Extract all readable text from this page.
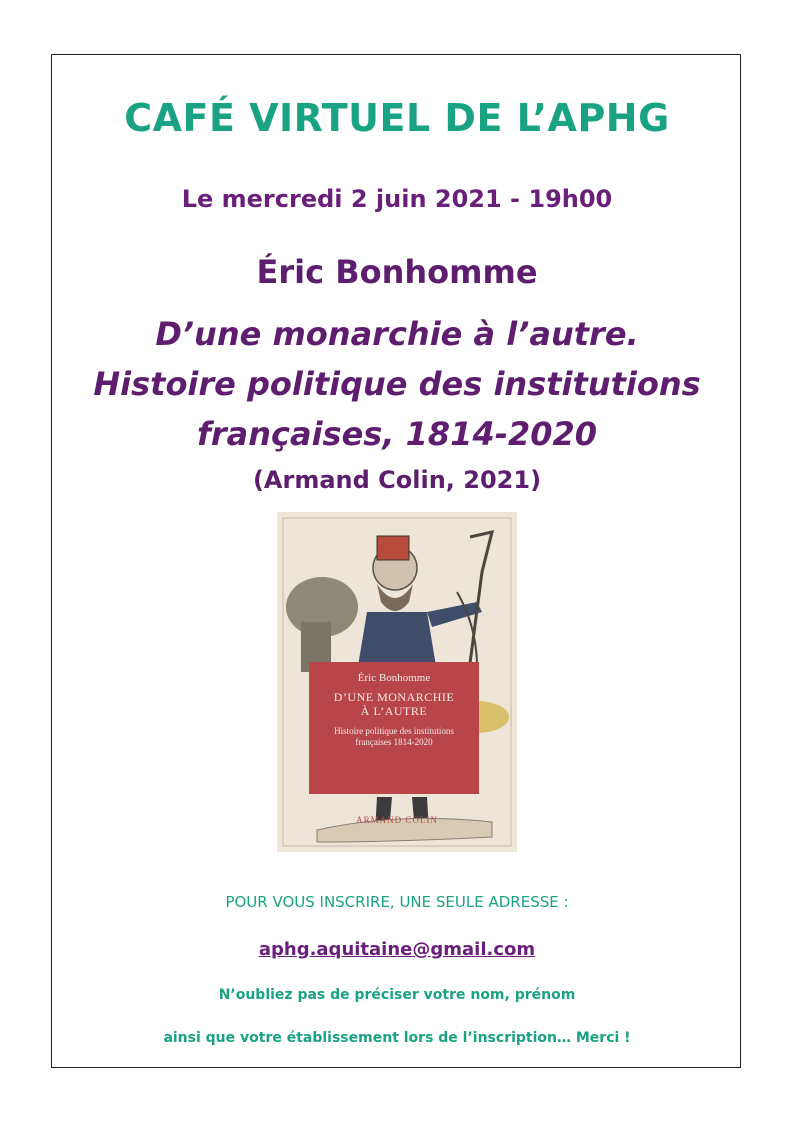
CAFÉ VIRTUEL DE L’APHG
Le mercredi 2 juin 2021 - 19h00
Éric Bonhomme
D’une monarchie à l’autre.
Histoire politique des institutions
françaises, 1814-2020
(Armand Colin, 2021)
Éric Bonhomme
D’UNE MONARCHIE
À L’AUTRE
Histoire politique des institutions
françaises 1814-2020
ARMAND COLIN
POUR VOUS INSCRIRE, UNE SEULE ADRESSE :
aphg.aquitaine@gmail.com
N’oubliez pas de préciser votre nom, prénom
ainsi que votre établissement lors de l’inscription… Merci !
